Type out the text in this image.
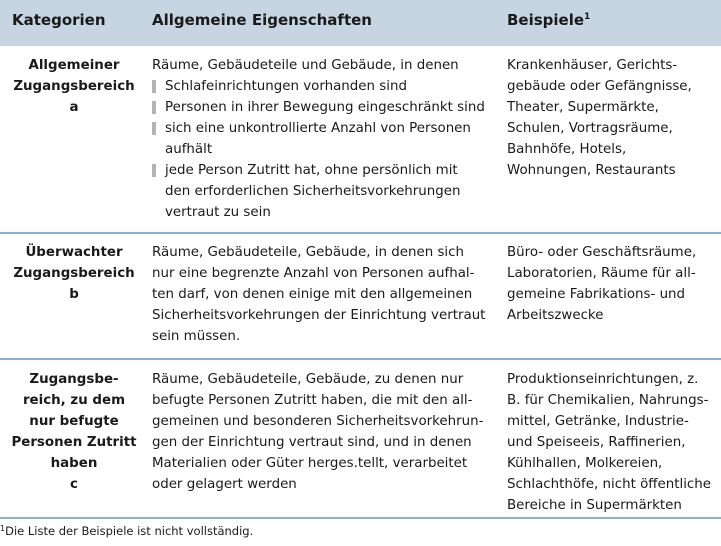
Kategorien	Allgemeine Eigenschaften	Beispiele$^1$
Allgemeiner
Zugangsbereich
a
Räume, Gebäudeteile und Gebäude, in denen
Schlafeinrichtungen vorhanden sind
Personen in ihrer Bewegung eingeschränkt sind
sich eine unkontrollierte Anzahl von Personen
aufhält
jede Person Zutritt hat, ohne persönlich mit
den erforderlichen Sicherheitsvorkehrungen
vertraut zu sein
Krankenhäuser, Gerichts-
gebäude oder Gefängnisse,
Theater, Supermärkte,
Schulen, Vortragsräume,
Bahnhöfe, Hotels,
Wohnungen, Restaurants
Überwachter
Zugangsbereich
b
Räume, Gebäudeteile, Gebäude, in denen sich
nur eine begrenzte Anzahl von Personen aufhal-
ten darf, von denen einige mit den allgemeinen
Sicherheitsvorkehrungen der Einrichtung vertraut
sein müssen.
Büro- oder Geschäftsräume,
Laboratorien, Räume für all-
gemeine Fabrikations- und
Arbeitszwecke
Zugangsbe-
reich, zu dem
nur befugte
Personen Zutritt
haben
c
Räume, Gebäudeteile, Gebäude, zu denen nur
befugte Personen Zutritt haben, die mit den all-
gemeinen und besonderen Sicherheitsvorkehrun-
gen der Einrichtung vertraut sind, und in denen
Materialien oder Güter herges.tellt, verarbeitet
oder gelagert werden
Produktionseinrichtungen, z.
B. für Chemikalien, Nahrungs-
mittel, Getränke, Industrie-
und Speiseeis, Raffinerien,
Kühlhallen, Molkereien,
Schlachthöfe, nicht öffentliche
Bereiche in Supermärkten
$^1$Die Liste der Beispiele ist nicht vollständig.
